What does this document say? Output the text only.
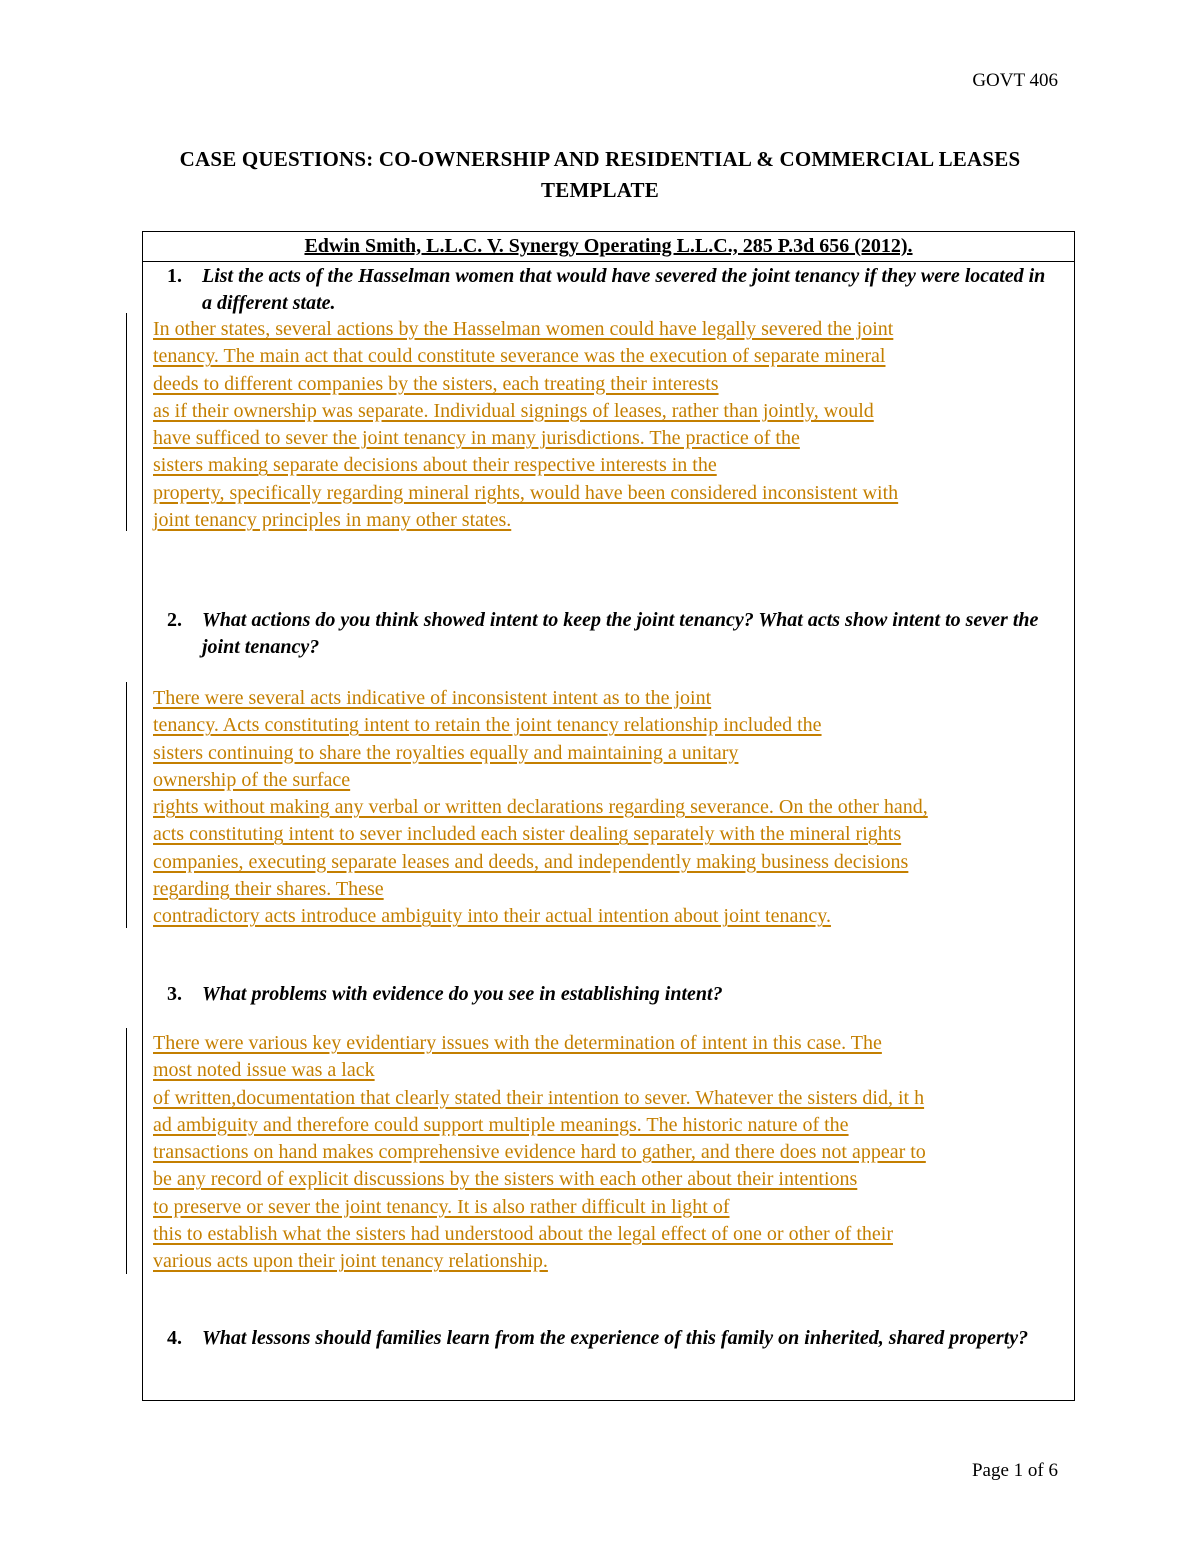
GOVT 406
CASE QUESTIONS: CO-OWNERSHIP AND RESIDENTIAL & COMMERCIAL LEASES
TEMPLATE
Edwin Smith, L.L.C. V. Synergy Operating L.L.C., 285 P.3d 656 (2012).
1.	List the acts of the Hasselman women that would have severed the joint tenancy if they were located in a different state.
In other states, several actions by the Hasselman women could have legally severed the joint
tenancy. The main act that could constitute severance was the execution of separate mineral
deeds to different companies by the sisters, each treating their interests
as if their ownership was separate. Individual signings of leases, rather than jointly, would
have sufficed to sever the joint tenancy in many jurisdictions. The practice of the
sisters making separate decisions about their respective interests in the
property, specifically regarding mineral rights, would have been considered inconsistent with
joint tenancy principles in many other states.
2.	What actions do you think showed intent to keep the joint tenancy? What acts show intent to sever the joint tenancy?
There were several acts indicative of inconsistent intent as to the joint
tenancy. Acts constituting intent to retain the joint tenancy relationship included the
sisters continuing to share the royalties equally and maintaining a unitary
ownership of the surface
rights without making any verbal or written declarations regarding severance. On the other hand,
acts constituting intent to sever included each sister dealing separately with the mineral rights
companies, executing separate leases and deeds, and independently making business decisions
regarding their shares. These
contradictory acts introduce ambiguity into their actual intention about joint tenancy.
3.	What problems with evidence do you see in establishing intent?
There were various key evidentiary issues with the determination of intent in this case. The
most noted issue was a lack
of written,documentation that clearly stated their intention to sever. Whatever the sisters did, it h
ad ambiguity and therefore could support multiple meanings. The historic nature of the
transactions on hand makes comprehensive evidence hard to gather, and there does not appear to
be any record of explicit discussions by the sisters with each other about their intentions
to preserve or sever the joint tenancy. It is also rather difficult in light of
this to establish what the sisters had understood about the legal effect of one or other of their
various acts upon their joint tenancy relationship.
4.	What lessons should families learn from the experience of this family on inherited, shared property?
Page 1 of 6
